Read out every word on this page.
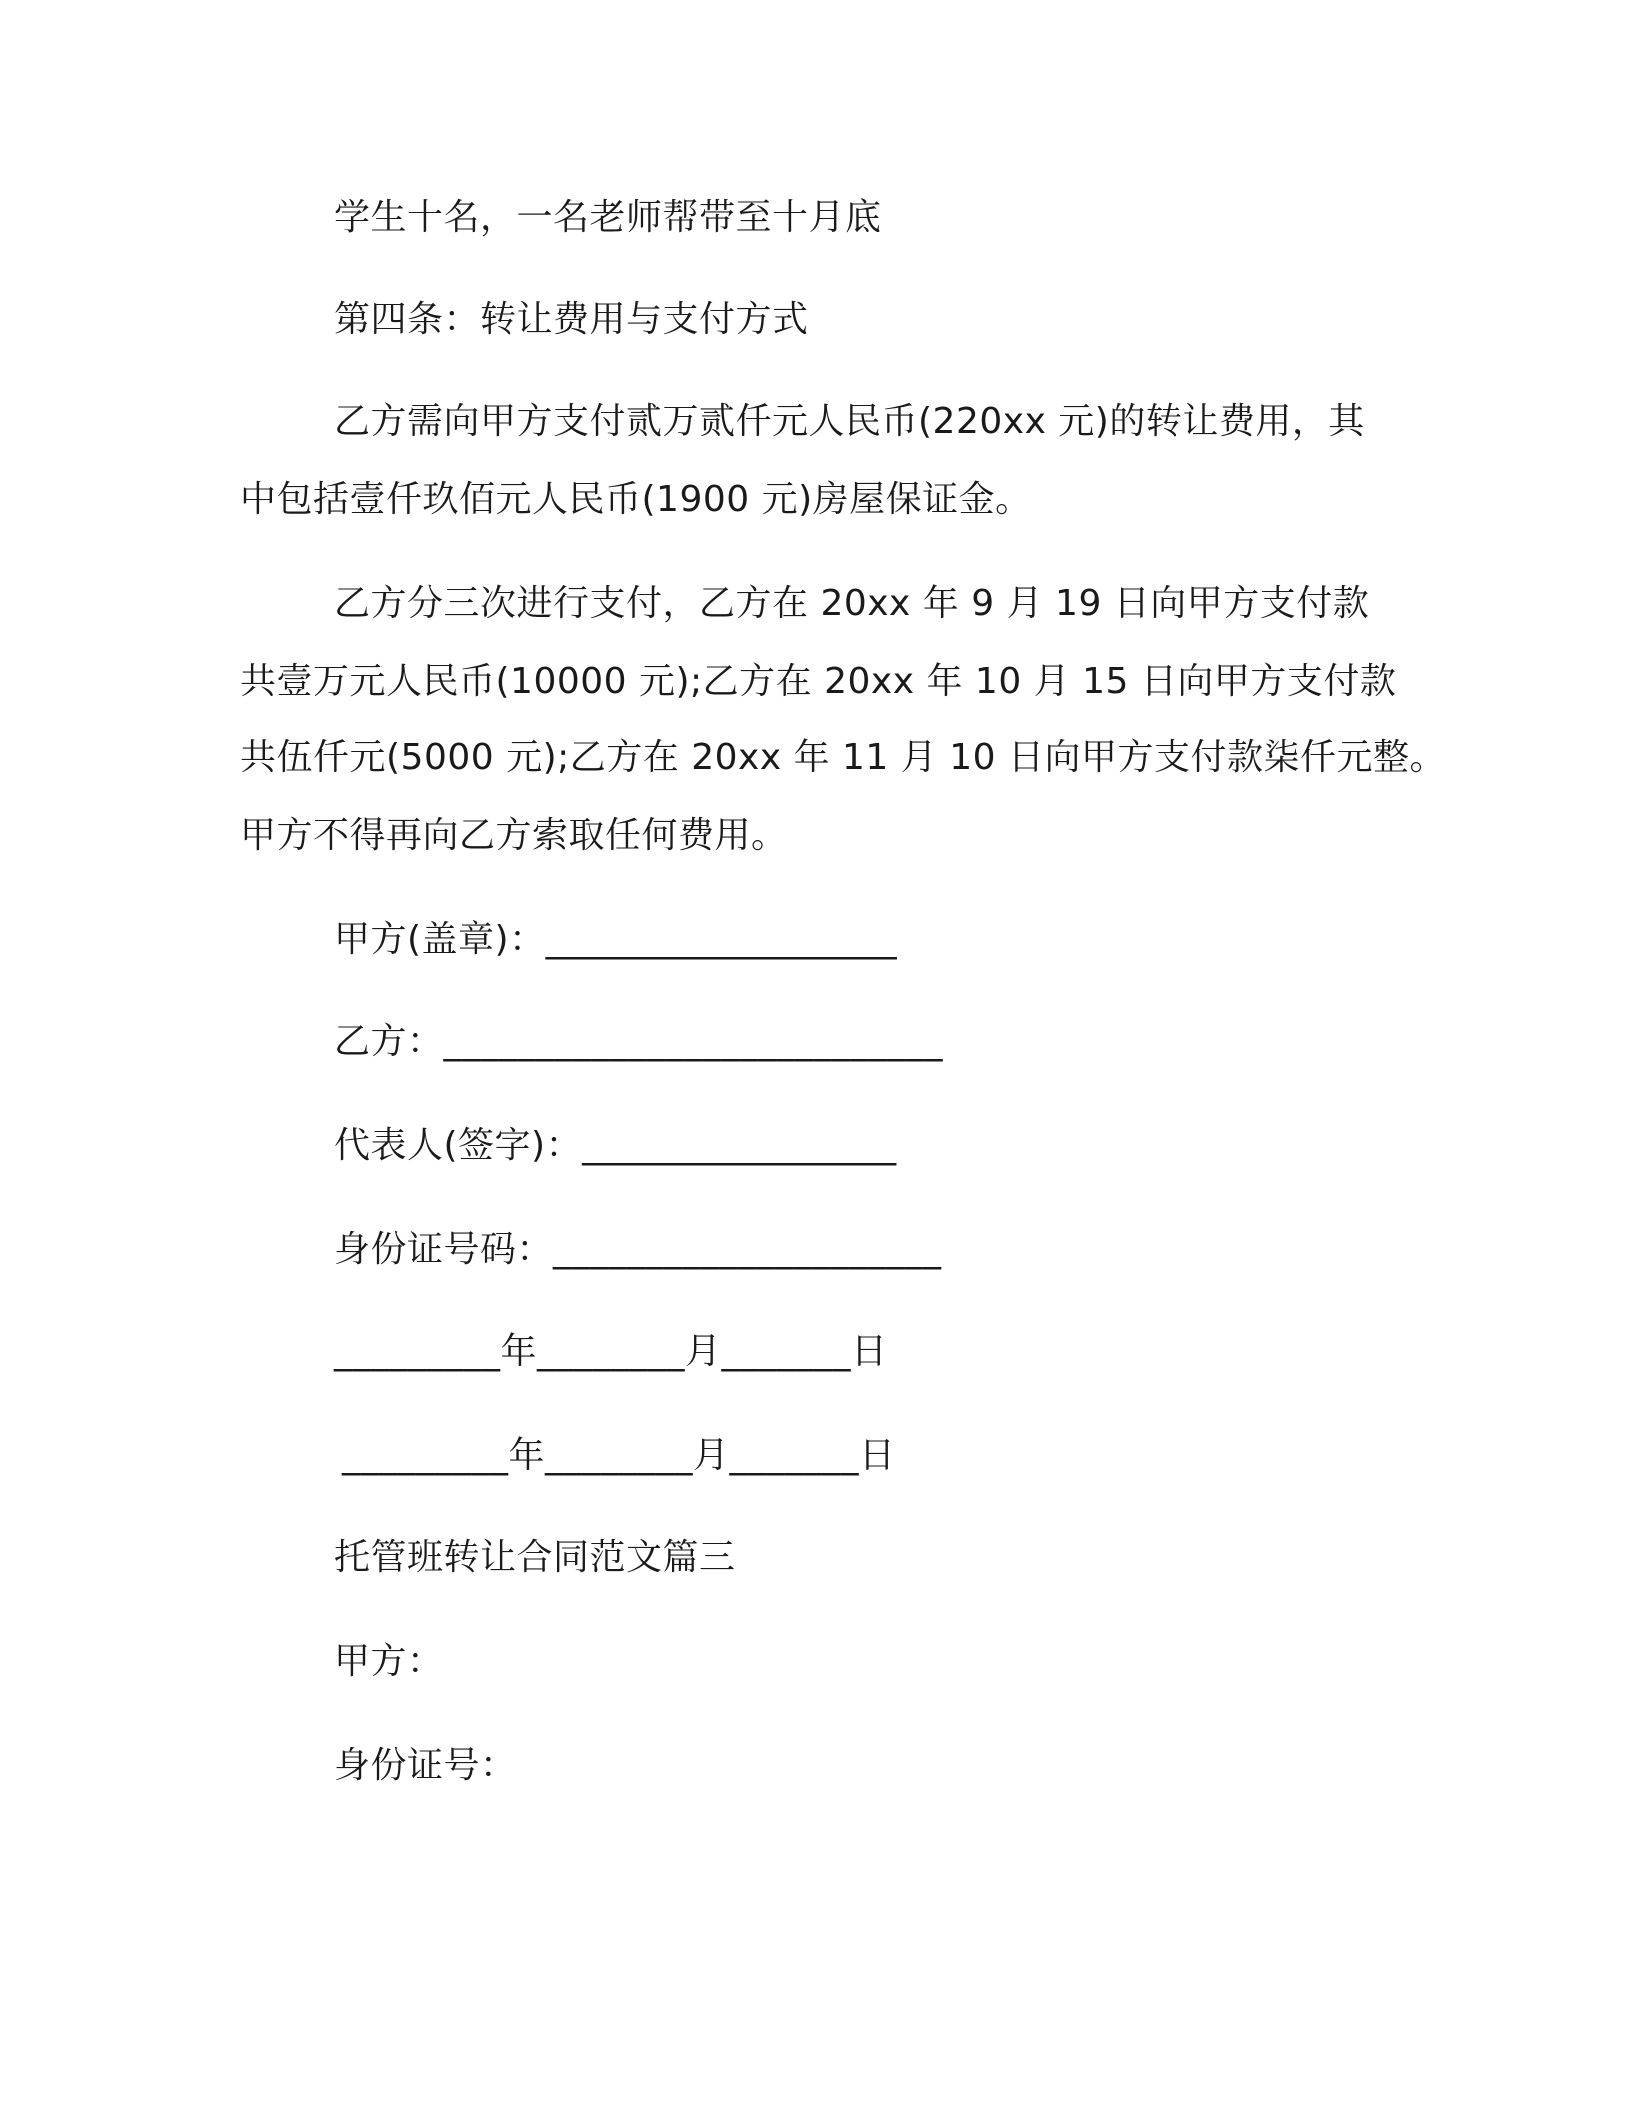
学生十名，一名老师帮带至十月底
第四条：转让费用与支付方式
乙方需向甲方支付贰万贰仟元人民币(220xx 元)的转让费用，其
中包括壹仟玖佰元人民币(1900 元)房屋保证金。
乙方分三次进行支付，乙方在 20xx 年 9 月 19 日向甲方支付款
共壹万元人民币(10000 元);乙方在 20xx 年 10 月 15 日向甲方支付款
共伍仟元(5000 元);乙方在 20xx 年 11 月 10 日向甲方支付款柒仟元整。
甲方不得再向乙方索取任何费用。
甲方(盖章)：___________________
乙方：___________________________
代表人(签字)：_________________
身份证号码：_____________________
_________年________月_______日
_________年________月_______日
托管班转让合同范文篇三
甲方：
身份证号：
